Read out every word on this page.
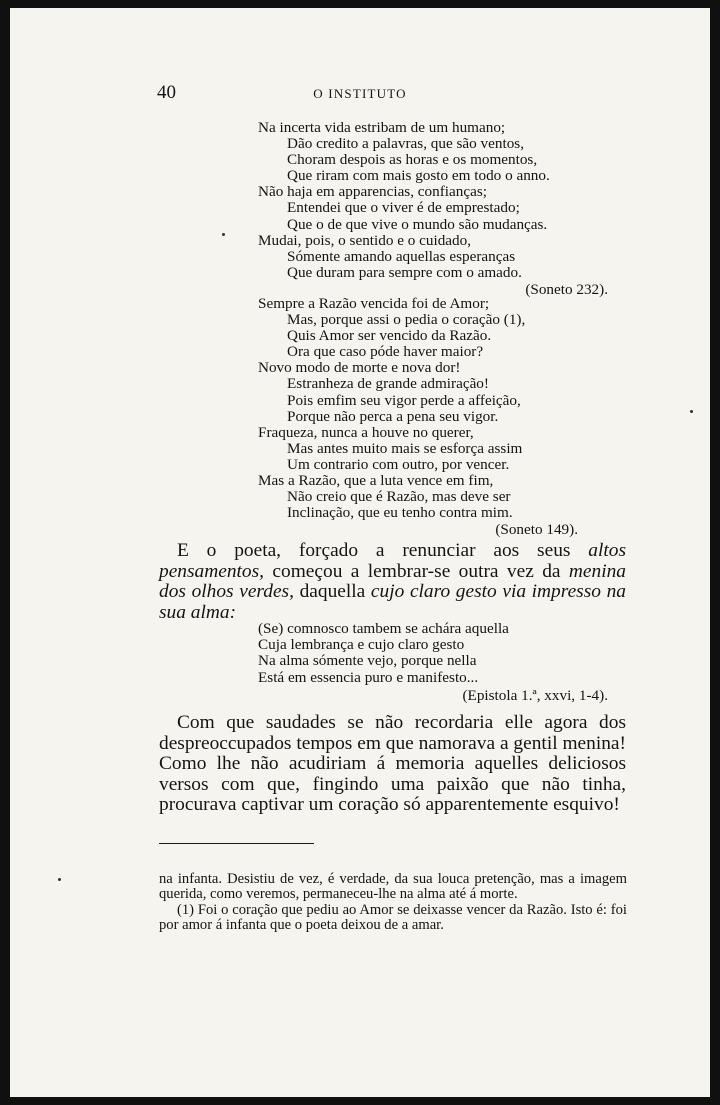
40	O INSTITUTO
Na incerta vida estribam de um humano;
Dão credito a palavras, que são ventos,
Choram despois as horas e os momentos,
Que riram com mais gosto em todo o anno.
Não haja em apparencias, confianças;
Entendei que o viver é de emprestado;
Que o de que vive o mundo são mudanças.
Mudai, pois, o sentido e o cuidado,
Sómente amando aquellas esperanças
Que duram para sempre com o amado.
(Soneto 232).
Sempre a Razão vencida foi de Amor;
Mas, porque assi o pedia o coração (1),
Quis Amor ser vencido da Razão.
Ora que caso póde haver maior?
Novo modo de morte e nova dor!
Estranheza de grande admiração!
Pois emfim seu vigor perde a affeição,
Porque não perca a pena seu vigor.
Fraqueza, nunca a houve no querer,
Mas antes muito mais se esforça assim
Um contrario com outro, por vencer.
Mas a Razão, que a luta vence em fim,
Não creio que é Razão, mas deve ser
Inclinação, que eu tenho contra mim.
(Soneto 149).

E o poeta, forçado a renunciar aos seus altos pensamentos, começou a lembrar-se outra vez da menina dos olhos verdes, daquella cujo claro gesto via impresso na sua alma:

(Se) comnosco tambem se achára aquella
Cuja lembrança e cujo claro gesto
Na alma sómente vejo, porque nella
Está em essencia puro e manifesto...
(Epistola 1.ª, xxvi, 1-4).

Com que saudades se não recordaria elle agora dos despreoccupados tempos em que namorava a gentil menina! Como lhe não acudiriam á memoria aquelles deliciosos versos com que, fingindo uma paixão que não tinha, procurava captivar um coração só apparentemente esquivo!

na infanta. Desistiu de vez, é verdade, da sua louca pretenção, mas a imagem querida, como veremos, permaneceu-lhe na alma até á morte.

(1) Foi o coração que pediu ao Amor se deixasse vencer da Razão. Isto é: foi por amor á infanta que o poeta deixou de a amar.
